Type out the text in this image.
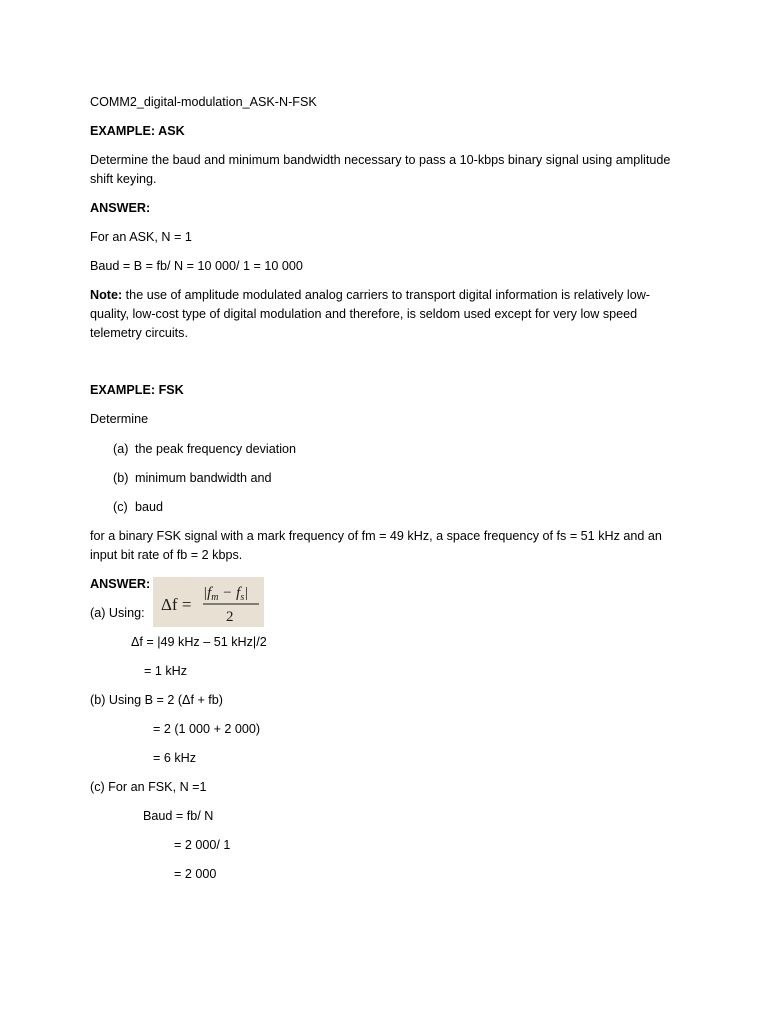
COMM2_digital-modulation_ASK-N-FSK
EXAMPLE: ASK
Determine the baud and minimum bandwidth necessary to pass a 10-kbps binary signal using amplitude shift keying.
ANSWER:
For an ASK, N = 1
Baud = B = fb/ N = 10 000/ 1 = 10 000
Note: the use of amplitude modulated analog carriers to transport digital information is relatively low-quality, low-cost type of digital modulation and therefore, is seldom used except for very low speed telemetry circuits.
EXAMPLE: FSK
Determine
(a) the peak frequency deviation
(b) minimum bandwidth and
(c) baud
for a binary FSK signal with a mark frequency of fm = 49 kHz, a space frequency of fs = 51 kHz and an input bit rate of fb = 2 kbps.
ANSWER:
(a) Using: Δf =
$|f_m - f_s|$
2
Δf = |49 kHz – 51 kHz|/2
= 1 kHz
(b) Using B = 2 (Δf + fb)
= 2 (1 000 + 2 000)
= 6 kHz
(c) For an FSK, N =1
Baud = fb/ N
= 2 000/ 1
= 2 000
